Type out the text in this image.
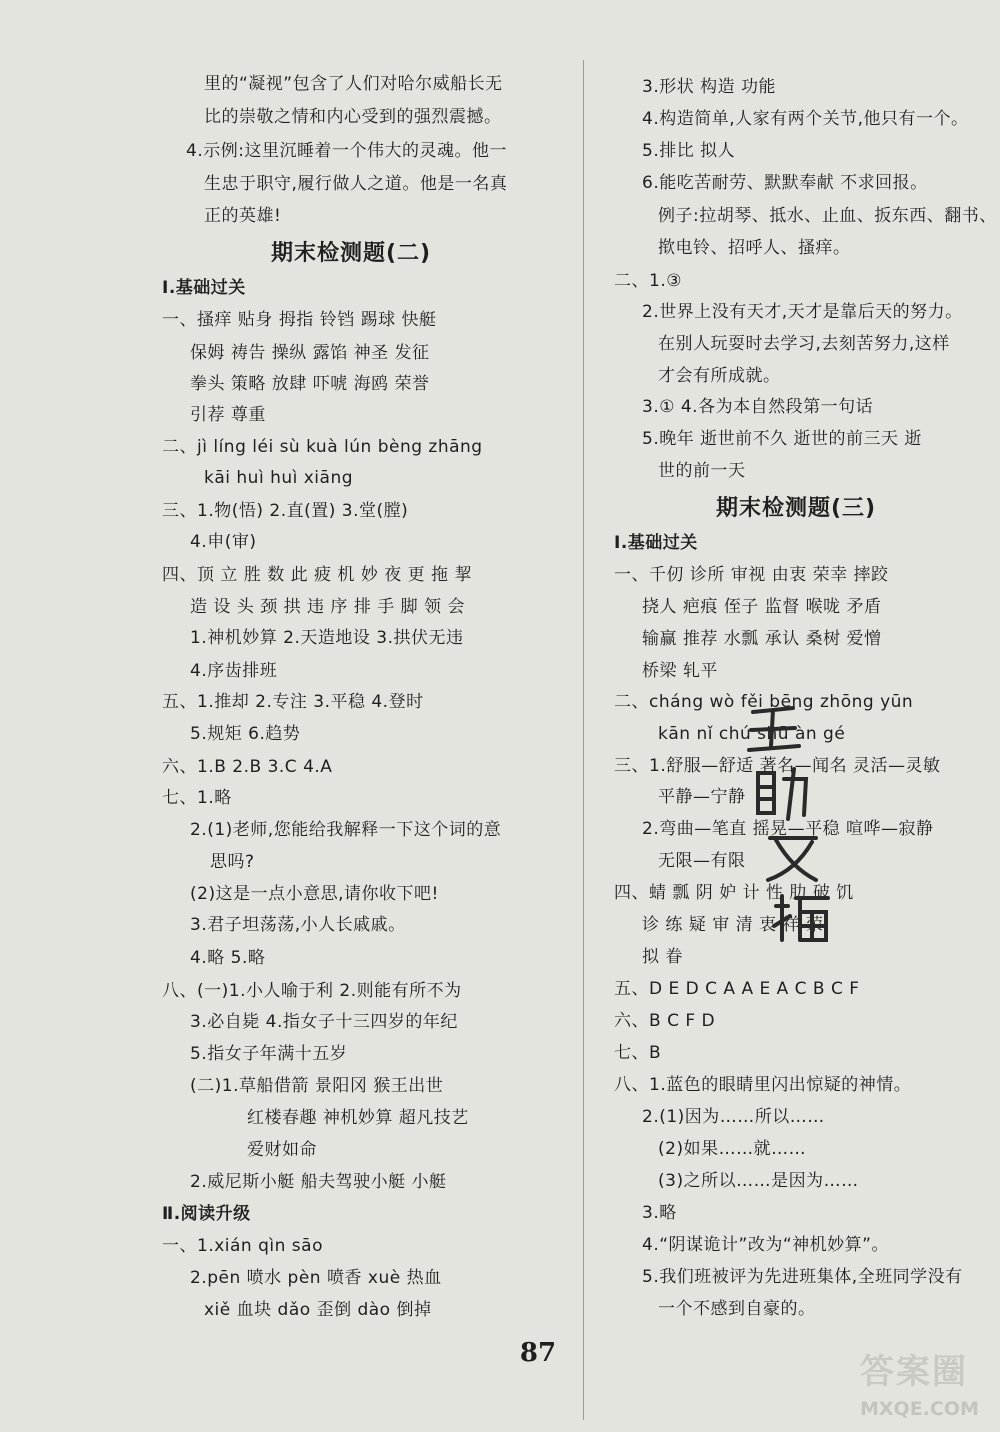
里的“凝视”包含了人们对哈尔威船长无
比的崇敬之情和内心受到的强烈震撼。
4.示例:这里沉睡着一个伟大的灵魂。他一
生忠于职守,履行做人之道。他是一名真
正的英雄!
期末检测题(二)
I.基础过关
一、搔痒 贴身 拇指 铃铛 踢球 快艇
保姆 祷告 操纵 露馅 神圣 发征
拳头 策略 放肆 吓唬 海鸥 荣誉
引荐 尊重
二、jì líng léi sù kuà lún bèng zhāng
kāi huì huì xiāng
三、1.物(悟) 2.直(置) 3.堂(膛)
4.申(审)
四、顶 立 胜 数 此 疲 机 妙 夜 更 拖 挈
造 设 头 颈 拱 违 序 排 手 脚 领 会
1.神机妙算 2.天造地设 3.拱伏无违
4.序齿排班
五、1.推却 2.专注 3.平稳 4.登时
5.规矩 6.趋势
六、1.B 2.B 3.C 4.A
七、1.略
2.(1)老师,您能给我解释一下这个词的意
思吗?
(2)这是一点小意思,请你收下吧!
3.君子坦荡荡,小人长戚戚。
4.略 5.略
八、(一)1.小人喻于利 2.则能有所不为
3.必自毙 4.指女子十三四岁的年纪
5.指女子年满十五岁
(二)1.草船借箭 景阳冈 猴王出世
红楼春趣 神机妙算 超凡技艺
爱财如命
2.威尼斯小艇 船夫驾驶小艇 小艇
Ⅱ.阅读升级
一、1.xián qìn sāo
2.pēn 喷水 pèn 喷香 xuè 热血
xiě 血块 dǎo 歪倒 dào 倒掉
3.形状 构造 功能
4.构造简单,人家有两个关节,他只有一个。
5.排比 拟人
6.能吃苦耐劳、默默奉献 不求回报。
例子:拉胡琴、抵水、止血、扳东西、翻书、
揿电铃、招呼人、搔痒。
二、1.③
2.世界上没有天才,天才是靠后天的努力。
在别人玩耍时去学习,去刻苦努力,这样
才会有所成就。
3.① 4.各为本自然段第一句话
5.晚年 逝世前不久 逝世的前三天 逝
世的前一天
期末检测题(三)
Ⅰ.基础过关
一、千仞 诊所 审视 由衷 荣幸 摔跤
挠人 疤痕 侄子 监督 喉咙 矛盾
输赢 推荐 水瓢 承认 桑树 爱憎
桥梁 轧平
二、cháng wò fěi bēng zhōng yūn
kān nǐ chú shū àn gé
三、1.舒服—舒适 著名—闻名 灵活—灵敏
平静—宁静
2.弯曲—笔直 摇晃—平稳 喧哗—寂静
无限—有限
四、蜻 瓢 阴 妒 计 性 肋 破 饥
诊 练 疑 审 清 衷 祥 荣
拟 眷
五、D E D C A A E A C B C F
六、B C F D
七、B
八、1.蓝色的眼睛里闪出惊疑的神情。
2.(1)因为……所以……
(2)如果……就……
(3)之所以……是因为……
3.略
4.“阴谋诡计”改为“神机妙算”。
5.我们班被评为先进班集体,全班同学没有
一个不感到自豪的。
87	答案圈
MXQE.COM
